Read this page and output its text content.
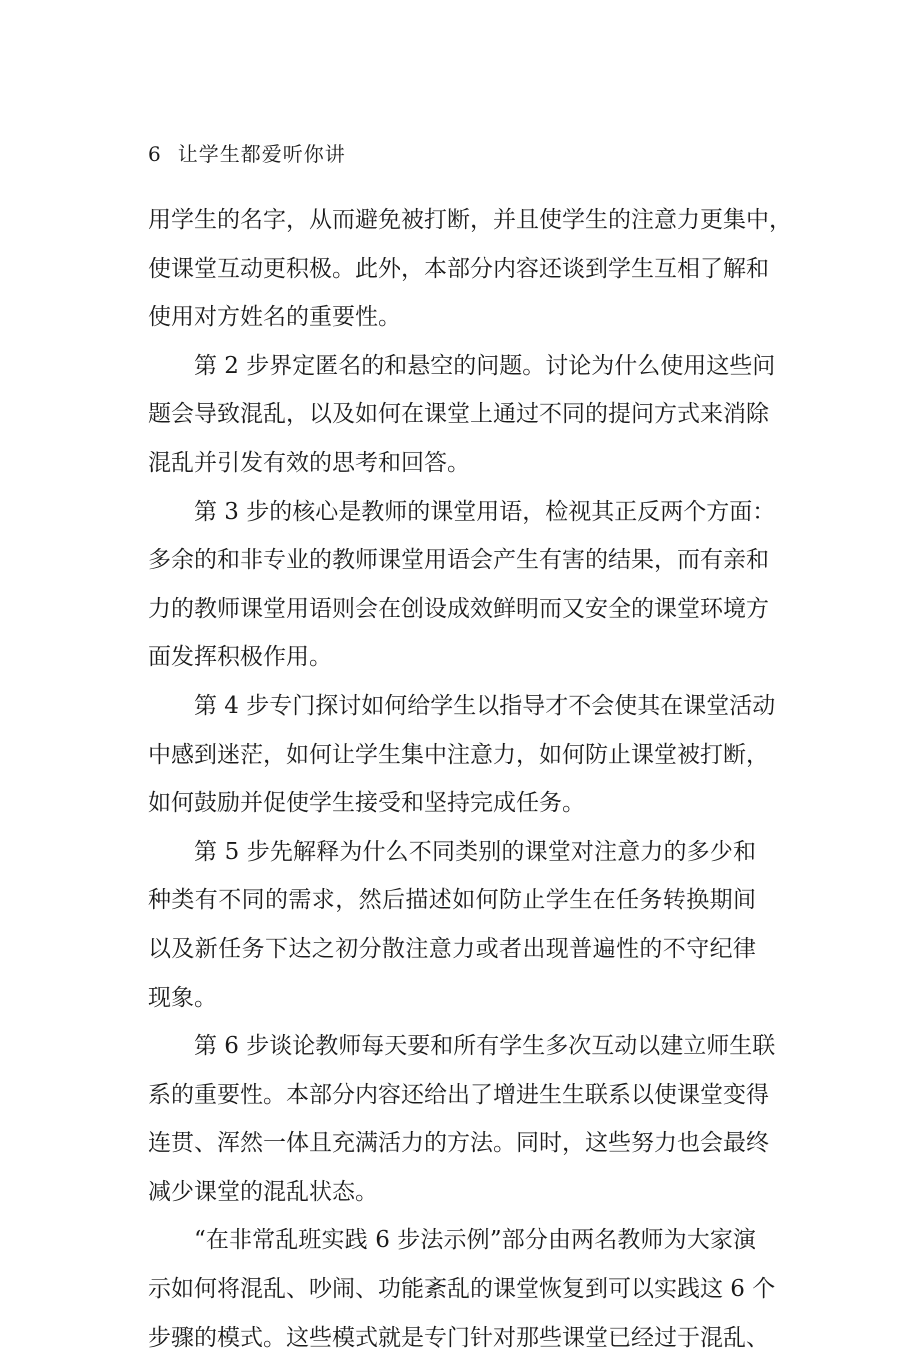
6 让学生都爱听你讲
用学生的名字，从而避免被打断，并且使学生的注意力更集中，
使课堂互动更积极。此外，本部分内容还谈到学生互相了解和
使用对方姓名的重要性。
第 2 步界定匿名的和悬空的问题。讨论为什么使用这些问
题会导致混乱，以及如何在课堂上通过不同的提问方式来消除
混乱并引发有效的思考和回答。
第 3 步的核心是教师的课堂用语，检视其正反两个方面：
多余的和非专业的教师课堂用语会产生有害的结果，而有亲和
力的教师课堂用语则会在创设成效鲜明而又安全的课堂环境方
面发挥积极作用。
第 4 步专门探讨如何给学生以指导才不会使其在课堂活动
中感到迷茫，如何让学生集中注意力，如何防止课堂被打断，
如何鼓励并促使学生接受和坚持完成任务。
第 5 步先解释为什么不同类别的课堂对注意力的多少和
种类有不同的需求，然后描述如何防止学生在任务转换期间
以及新任务下达之初分散注意力或者出现普遍性的不守纪律
现象。
第 6 步谈论教师每天要和所有学生多次互动以建立师生联
系的重要性。本部分内容还给出了增进生生联系以使课堂变得
连贯、浑然一体且充满活力的方法。同时，这些努力也会最终
减少课堂的混乱状态。
“在非常乱班实践 6 步法示例”部分由两名教师为大家演
示如何将混乱、吵闹、功能紊乱的课堂恢复到可以实践这 6 个
步骤的模式。这些模式就是专门针对那些课堂已经过于混乱、
